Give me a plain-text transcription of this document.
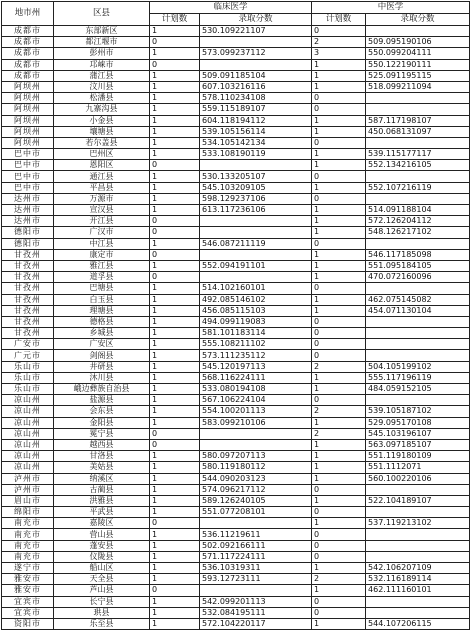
地市州	区县	临床医学		中医学	
		计划数	录取分数	计划数	录取分数
成都市	东部新区	1	530.109221107	0	
成都市	都江堰市	0		2	509.095190106
成都市	彭州市	1	573.099237112	3	550.099204111
成都市	邛崃市	0		1	550.122190111
成都市	蒲江县	1	509.091185104	1	525.091195115
阿坝州	汶川县	1	607.103216116	1	518.099211094
阿坝州	松潘县	1	578.110234108	0	
阿坝州	九寨沟县	1	559.115189107	0	
阿坝州	小金县	1	604.118194112	1	587.117198107
阿坝州	壤塘县	1	539.105156114	1	450.068131097
阿坝州	若尔盖县	1	534.105142134	0	
巴中市	巴州区	1	533.108190119	1	539.115177117
巴中市	恩阳区	0		1	552.134216105
巴中市	通江县	1	530.133205107	0	
巴中市	平昌县	1	545.103209105	1	552.107216119
达州市	万源市	1	598.129237106	0	
达州市	宣汉县	1	613.117236106	1	514.091188104
达州市	开江县	0		1	572.126204112
德阳市	广汉市	0		1	548.126217102
德阳市	中江县	1	546.087211119	0	
甘孜州	康定市	0		1	546.117185098
甘孜州	雅江县	1	552.094191101	1	551.095184105
甘孜州	道孚县	0		1	470.072160096
甘孜州	巴塘县	1	514.102160101	0	
甘孜州	白玉县	1	492.085146102	1	462.075145082
甘孜州	理塘县	1	456.085115103	1	454.071130104
甘孜州	德格县	1	494.099119083	0	
甘孜州	乡城县	1	581.101183114	0	
广安市	广安区	1	555.108211102	0	
广元市	剑阁县	1	573.111235112	0	
乐山市	井研县	1	545.120197113	2	504.105199102
乐山市	沐川县	1	568.116224111	1	555.117196119
乐山市	峨边彝族自治县	1	533.080194108	1	484.059152105
凉山州	盐源县	1	567.106224104	0	
凉山州	会东县	1	554.100201113	2	539.105187102
凉山州	金阳县	1	583.099210106	1	529.095170108
凉山州	冕宁县	0		2	545.103196107
凉山州	越西县	0		1	563.097185107
凉山州	甘洛县	1	580.097207113	1	551.119180109
凉山州	美姑县	1	580.119180112	1	551.1112071
泸州市	纳溪区	1	544.090203123	1	560.100220106
泸州市	古蔺县	1	574.096217112	0	
眉山市	洪雅县	1	589.126240105	1	522.104189107
绵阳市	平武县	1	551.077208101	0	
南充市	嘉陵区	0		1	537.119213102
南充市	营山县	1	536.11219611	0	
南充市	蓬安县	1	502.092166111	0	
南充市	仪陇县	1	571.117224111	0	
遂宁市	船山区	1	536.10319311	1	542.106207109
雅安市	天全县	1	593.12723111	2	532.116189114
雅安市	芦山县	0		1	462.111160101
宜宾市	长宁县	1	542.099201113	0	
宜宾市	珙县	1	532.084195111	0	
资阳市	乐至县	1	572.104220117	1	544.107206115
